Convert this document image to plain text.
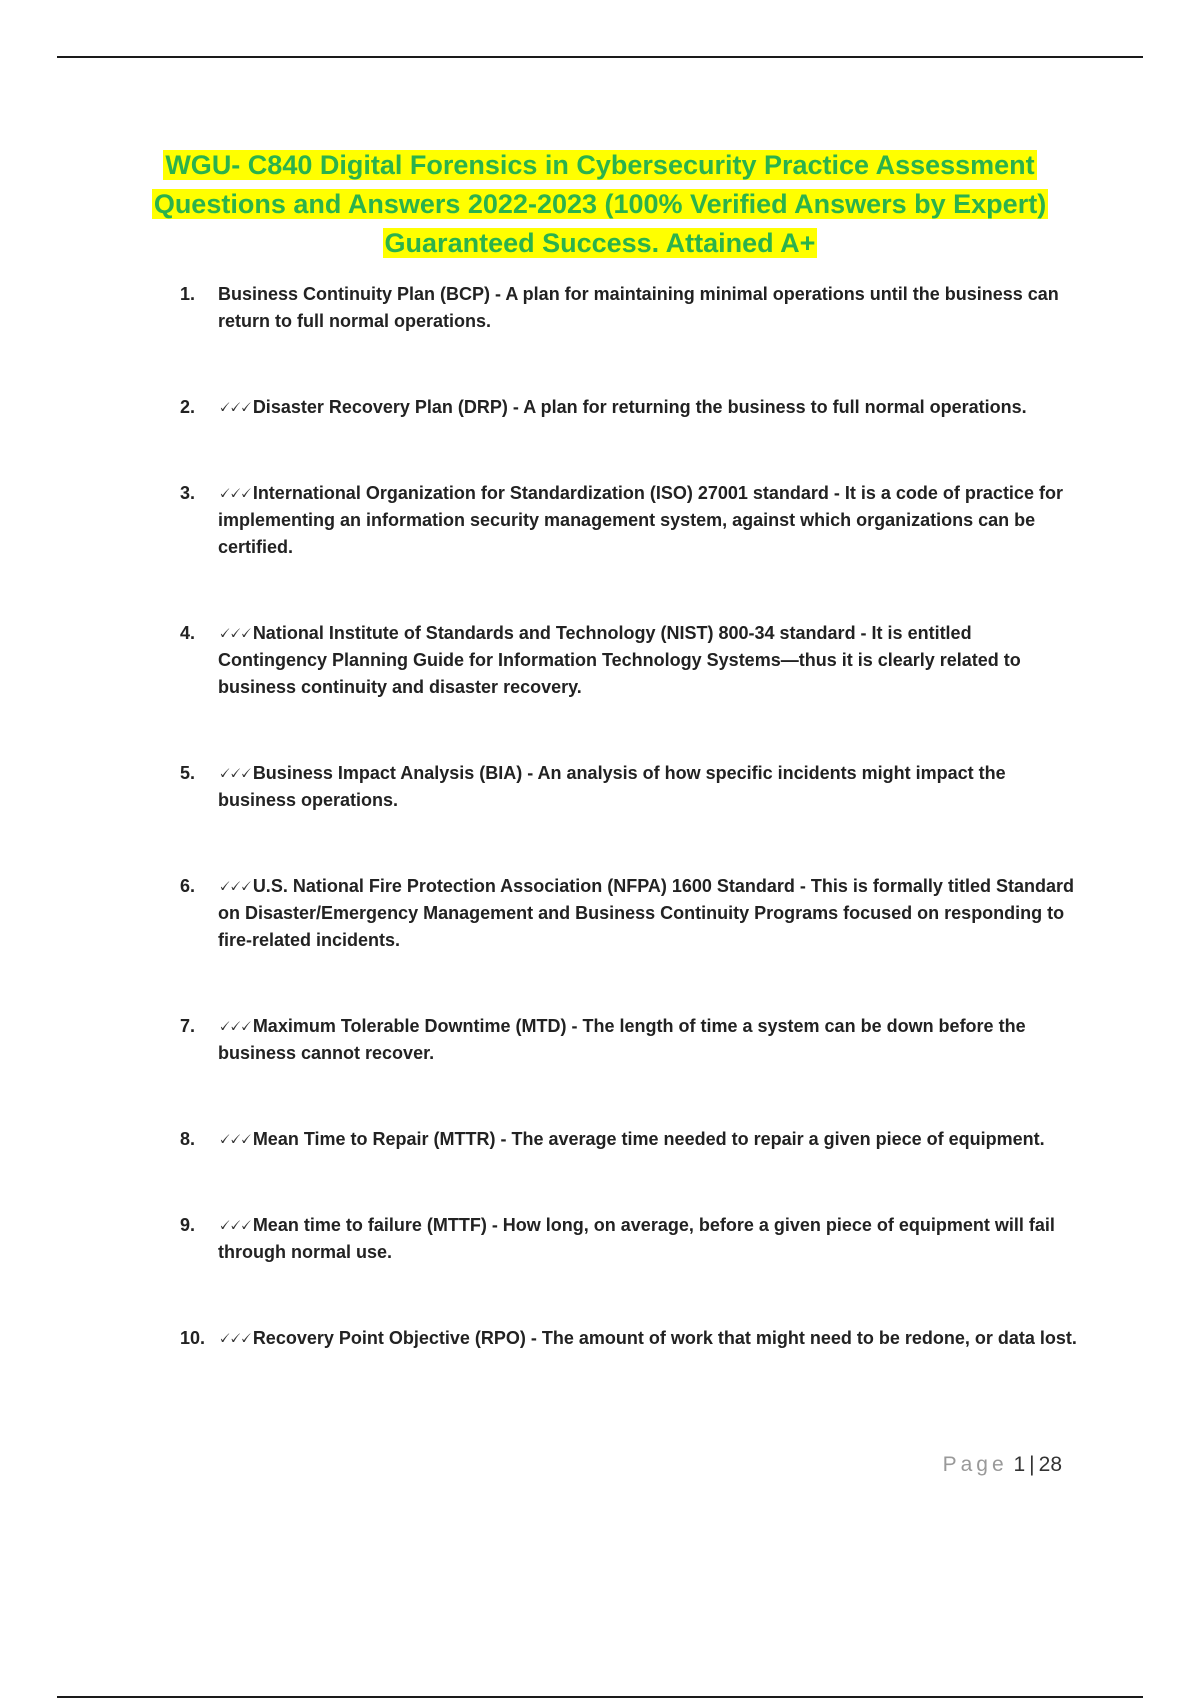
WGU- C840 Digital Forensics in Cybersecurity Practice Assessment Questions and Answers 2022-2023 (100% Verified Answers by Expert) Guaranteed Success. Attained A+
1. Business Continuity Plan (BCP) - A plan for maintaining minimal operations until the business can return to full normal operations.
2. 🗸🗸🗸 Disaster Recovery Plan (DRP) - A plan for returning the business to full normal operations.
3. 🗸🗸🗸 International Organization for Standardization (ISO) 27001 standard - It is a code of practice for implementing an information security management system, against which organizations can be certified.
4. 🗸🗸🗸 National Institute of Standards and Technology (NIST) 800-34 standard - It is entitled Contingency Planning Guide for Information Technology Systems—thus it is clearly related to business continuity and disaster recovery.
5. 🗸🗸🗸 Business Impact Analysis (BIA) - An analysis of how specific incidents might impact the business operations.
6. 🗸🗸🗸 U.S. National Fire Protection Association (NFPA) 1600 Standard - This is formally titled Standard on Disaster/Emergency Management and Business Continuity Programs focused on responding to fire-related incidents.
7. 🗸🗸🗸 Maximum Tolerable Downtime (MTD) - The length of time a system can be down before the business cannot recover.
8. 🗸🗸🗸 Mean Time to Repair (MTTR) - The average time needed to repair a given piece of equipment.
9. 🗸🗸🗸 Mean time to failure (MTTF) - How long, on average, before a given piece of equipment will fail through normal use.
10. 🗸🗸🗸 Recovery Point Objective (RPO) - The amount of work that might need to be redone, or data lost.
Page 1 | 28
